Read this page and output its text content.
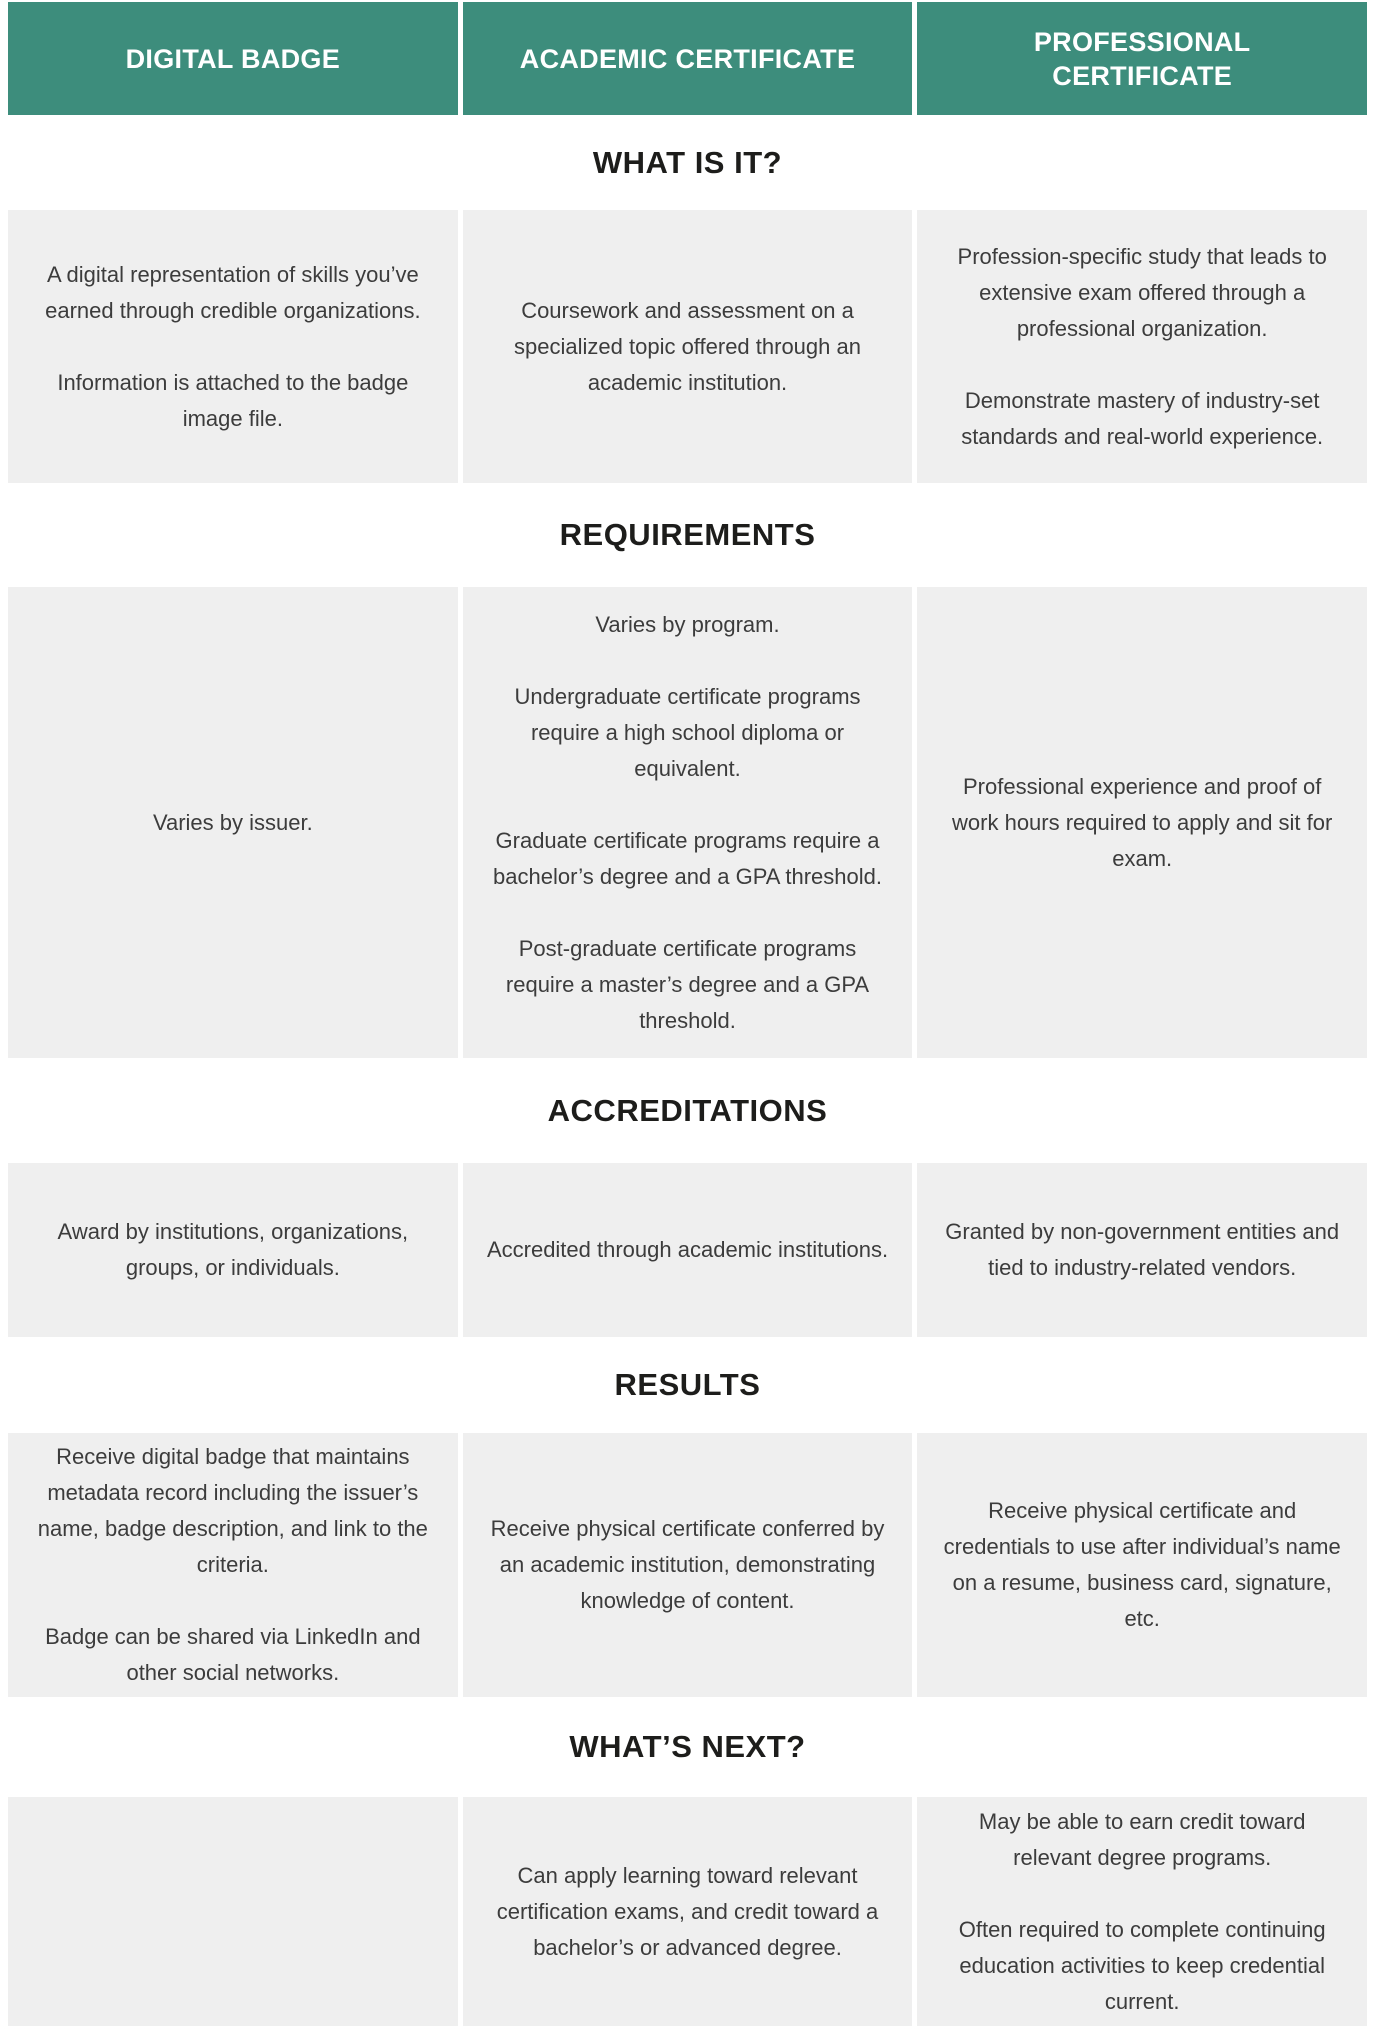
DIGITAL BADGE	ACADEMIC CERTIFICATE
PROFESSIONAL CERTIFICATE
WHAT IS IT?

A digital representation of skills you’ve earned through credible organizations.

Information is attached to the badge image file.

Coursework and assessment on a specialized topic offered through an academic institution.

Profession-specific study that leads to extensive exam offered through a professional organization.

Demonstrate mastery of industry-set standards and real-world experience.

REQUIREMENTS

Varies by issuer.

Varies by program.

Undergraduate certificate programs require a high school diploma or equivalent.

Graduate certificate programs require a bachelor’s degree and a GPA threshold.

Post-graduate certificate programs require a master’s degree and a GPA threshold.

Professional experience and proof of work hours required to apply and sit for exam.

ACCREDITATIONS

Award by institutions, organizations, groups, or individuals.

Accredited through academic institutions.

Granted by non-government entities and tied to industry-related vendors.

RESULTS

Receive digital badge that maintains metadata record including the issuer’s name, badge description, and link to the criteria.

Badge can be shared via LinkedIn and other social networks.

Receive physical certificate conferred by an academic institution, demonstrating knowledge of content.

Receive physical certificate and credentials to use after individual’s name on a resume, business card, signature, etc.

WHAT’S NEXT?

Can apply learning toward relevant certification exams, and credit toward a bachelor’s or advanced degree.

May be able to earn credit toward relevant degree programs.

Often required to complete continuing education activities to keep credential current.
